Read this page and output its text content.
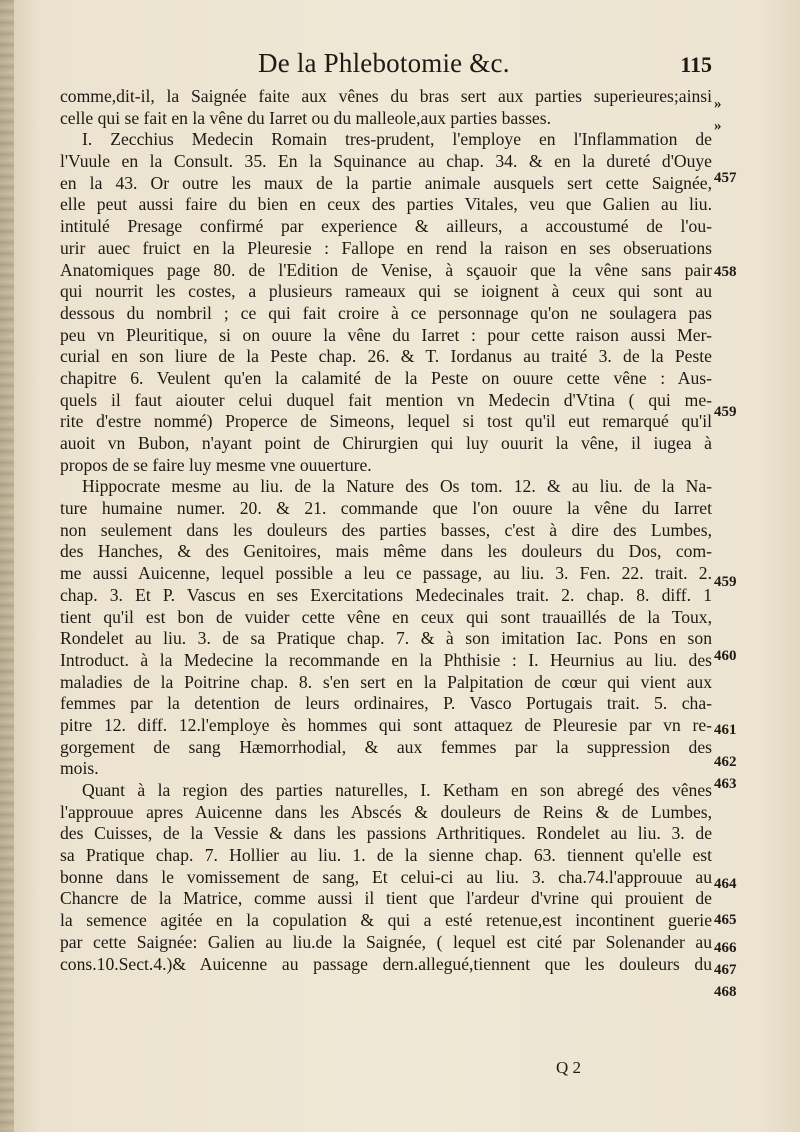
De la Phlebotomie &c.	115
comme,dit-il, la Saignée faite aux vênes du bras sert aux parties superieures;ainsi
celle qui se fait en la vêne du Iarret ou du malleole,aux parties basses.
I. Zecchius Medecin Romain tres-prudent, l'employe en l'Inflammation de
l'Vuule en la Consult. 35. En la Squinance au chap. 34. & en la dureté d'Ouye
en la 43. Or outre les maux de la partie animale ausquels sert cette Saignée,
elle peut aussi faire du bien en ceux des parties Vitales, veu que Galien au liu.
intitulé Presage confirmé par experience & ailleurs, a accoustumé de l'ou-
urir auec fruict en la Pleuresie : Fallope en rend la raison en ses obseruations
Anatomiques page 80. de l'Edition de Venise, à sçauoir que la vêne sans pair
qui nourrit les costes, a plusieurs rameaux qui se ioignent à ceux qui sont au
dessous du nombril ; ce qui fait croire à ce personnage qu'on ne soulagera pas
peu vn Pleuritique, si on ouure la vêne du Iarret : pour cette raison aussi Mer-
curial en son liure de la Peste chap. 26. & T. Iordanus au traité 3. de la Peste
chapitre 6. Veulent qu'en la calamité de la Peste on ouure cette vêne : Aus-
quels il faut aiouter celui duquel fait mention vn Medecin d'Vtina ( qui me-
rite d'estre nommé) Properce de Simeons, lequel si tost qu'il eut remarqué qu'il
auoit vn Bubon, n'ayant point de Chirurgien qui luy ouurit la vêne, il iugea à
propos de se faire luy mesme vne ouuerture.
Hippocrate mesme au liu. de la Nature des Os tom. 12. & au liu. de la Na-
ture humaine numer. 20. & 21. commande que l'on ouure la vêne du Iarret
non seulement dans les douleurs des parties basses, c'est à dire des Lumbes,
des Hanches, & des Genitoires, mais même dans les douleurs du Dos, com-
me aussi Auicenne, lequel possible a leu ce passage, au liu. 3. Fen. 22. trait. 2.
chap. 3. Et P. Vascus en ses Exercitations Medecinales trait. 2. chap. 8. diff. 1
tient qu'il est bon de vuider cette vêne en ceux qui sont trauaillés de la Toux,
Rondelet au liu. 3. de sa Pratique chap. 7. & à son imitation Iac. Pons en son
Introduct. à la Medecine la recommande en la Phthisie : I. Heurnius au liu. des
maladies de la Poitrine chap. 8. s'en sert en la Palpitation de cœur qui vient aux
femmes par la detention de leurs ordinaires, P. Vasco Portugais trait. 5. cha-
pitre 12. diff. 12.l'employe ès hommes qui sont attaquez de Pleuresie par vn re-
gorgement de sang Hæmorrhodial, & aux femmes par la suppression des
mois.
Quant à la region des parties naturelles, I. Ketham en son abregé des vênes
l'approuue apres Auicenne dans les Abscés & douleurs de Reins & de Lumbes,
des Cuisses, de la Vessie & dans les passions Arthritiques. Rondelet au liu. 3. de
sa Pratique chap. 7. Hollier au liu. 1. de la sienne chap. 63. tiennent qu'elle est
bonne dans le vomissement de sang, Et celui-ci au liu. 3. cha.74.l'approuue au
Chancre de la Matrice, comme aussi il tient que l'ardeur d'vrine qui prouient de
la semence agitée en la copulation & qui a esté retenue,est incontinent guerie
par cette Saignée: Galien au liu.de la Saignée, ( lequel est cité par Solenander au
cons.10.Sect.4.)& Auicenne au passage dern.allegué,tiennent que les douleurs du
»
»
457
458
459
459
460
461
462
463
464
465
466
467
468
Q 2
